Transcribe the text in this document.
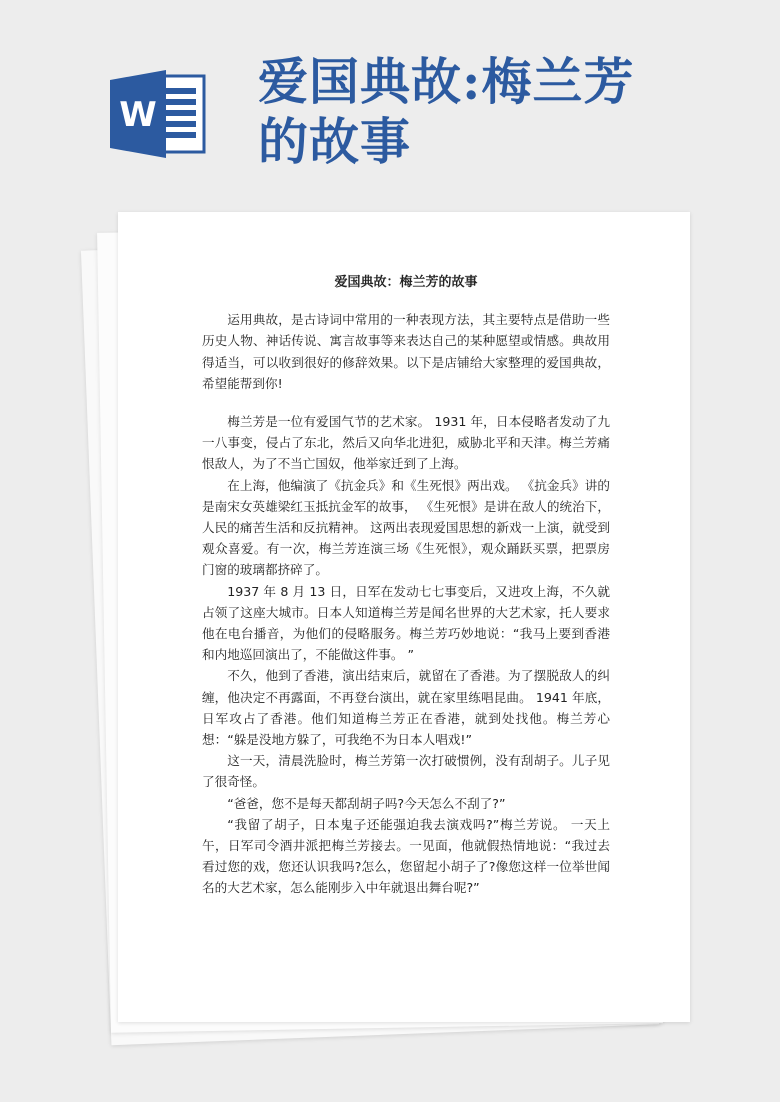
W
爱国典故:梅兰芳
的故事

爱国典故：梅兰芳的故事

运用典故，是古诗词中常用的一种表现方法，其主要特点是借助一些历史人物、神话传说、寓言故事等来表达自己的某种愿望或情感。典故用得适当，可以收到很好的修辞效果。以下是店铺给大家整理的爱国典故，希望能帮到你!

梅兰芳是一位有爱国气节的艺术家。 1931 年，日本侵略者发动了九一八事变，侵占了东北，然后又向华北进犯，威胁北平和天津。梅兰芳痛恨敌人，为了不当亡国奴，他举家迁到了上海。

在上海，他编演了《抗金兵》和《生死恨》两出戏。 《抗金兵》讲的是南宋女英雄梁红玉抵抗金军的故事， 《生死恨》是讲在敌人的统治下，人民的痛苦生活和反抗精神。 这两出表现爱国思想的新戏一上演，就受到观众喜爱。有一次，梅兰芳连演三场《生死恨》，观众踊跃买票，把票房门窗的玻璃都挤碎了。

1937 年 8 月 13 日，日军在发动七七事变后，又进攻上海，不久就占领了这座大城市。日本人知道梅兰芳是闻名世界的大艺术家，托人要求他在电台播音，为他们的侵略服务。梅兰芳巧妙地说：“我马上要到香港和内地巡回演出了，不能做这件事。 ”

不久，他到了香港，演出结束后，就留在了香港。为了摆脱敌人的纠缠，他决定不再露面，不再登台演出，就在家里练唱昆曲。 1941 年底，日军攻占了香港。他们知道梅兰芳正在香港，就到处找他。梅兰芳心想：“躲是没地方躲了，可我绝不为日本人唱戏!”

这一天，清晨洗脸时，梅兰芳第一次打破惯例，没有刮胡子。儿子见了很奇怪。

“爸爸，您不是每天都刮胡子吗?今天怎么不刮了?”

“我留了胡子，日本鬼子还能强迫我去演戏吗?”梅兰芳说。 一天上午，日军司令酒井派把梅兰芳接去。一见面，他就假热情地说：“我过去看过您的戏，您还认识我吗?怎么，您留起小胡子了?像您这样一位举世闻名的大艺术家，怎么能刚步入中年就退出舞台呢?”
